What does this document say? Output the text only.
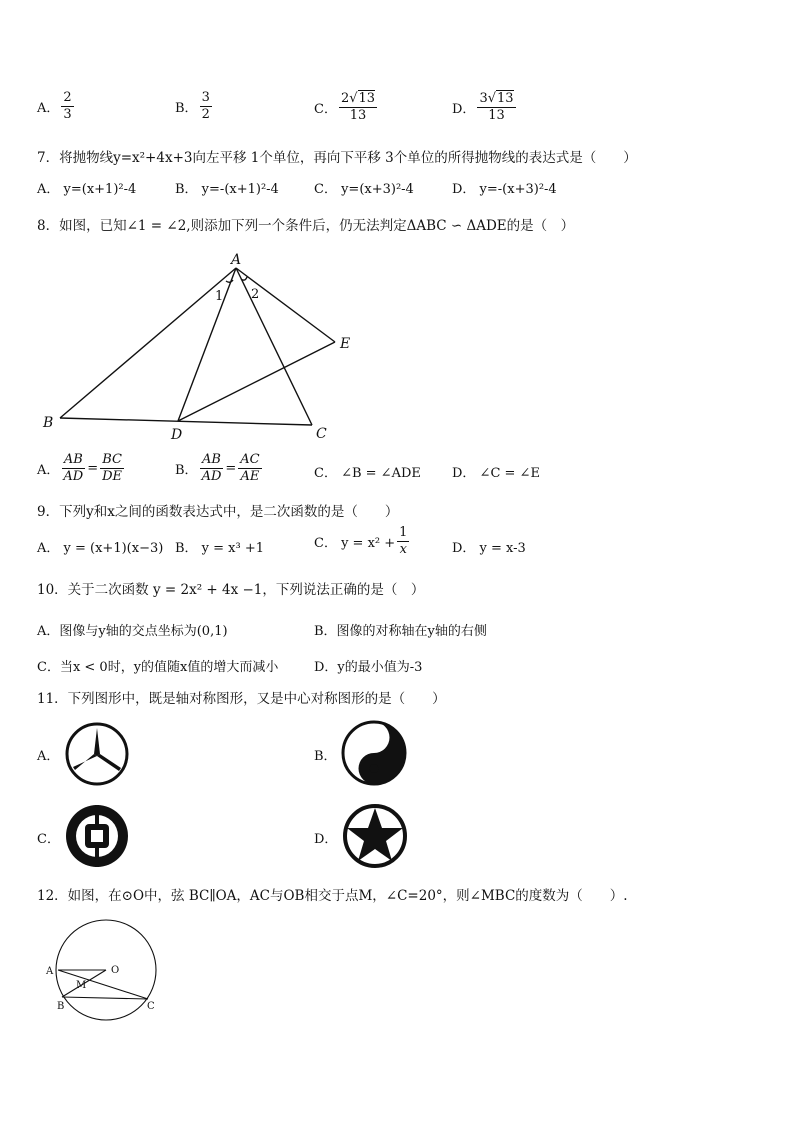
A． $\frac{2}{3}$	B． $\frac{3}{2}$	C． $\frac{2√ 13}{13}$	D． $\frac{3√ 13}{13}$
7．将抛物线y=x²+4x+3向左平移 1个单位，再向下平移 3个单位的所得抛物线的表达式是（　　）
A． y=(x+1)²-4	B． y=-(x+1)²-4	C． y=(x+3)²-4	D． y=-(x+3)²-4
8．如图，已知∠1 = ∠2,则添加下列一个条件后，仍无法判定ΔABC ∽ ΔADE的是（　）
A
B
C
D
E
1 2
A． $\frac{AB}{AD} = \frac{BC}{DE}$	B． $\frac{AB}{AD} = \frac{AC}{AE}$	C． ∠B = ∠ADE D． ∠C = ∠E
9．下列y和x之间的函数表达式中，是二次函数的是（　　）
A． y = (x+1)(x−3) B． y = x³ +1	C． $y = x^2 + \frac{1}{x}$	D． y = x-3
10．关于二次函数 y = 2x² + 4x −1，下列说法正确的是（　）
A．图像与y轴的交点坐标为(0,1)	B．图像的对称轴在y轴的右侧
C．当x < 0时，y的值随x值的增大而减小	D．y的最小值为-3
11．下列图形中，既是轴对称图形，又是中心对称图形的是（　　）
A．	B．
C．	D．
12．如图，在⊙O中，弦 BC∥OA，AC与OB相交于点M，∠C=20°，则∠MBC的度数为（　　）.
A	O
M
B	C
